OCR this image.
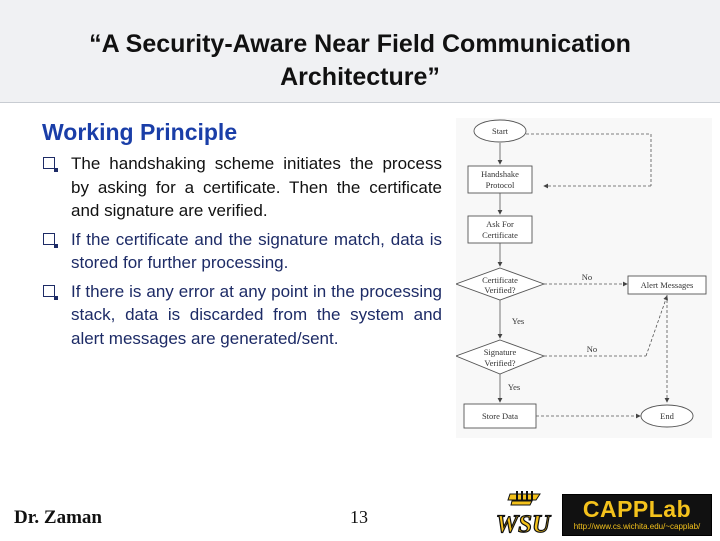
“A Security-Aware Near Field Communication
Architecture”
Working Principle
The handshaking scheme initiates the process by asking for a certificate. Then the certificate and signature are verified.
If the certificate and the signature match, data is stored for further processing.
If there is any error at any point in the processing stack, data is discarded from the system and alert messages are generated/sent.
Start
Handshake
Protocol
Ask For
Certificate
Certificate
Verified?
Signature
Verified?
Store Data
Alert Messages
End
No
Yes
No
Yes
Dr. Zaman	13	WSU
CAPPLab
http://www.cs.wichita.edu/~capplab/
